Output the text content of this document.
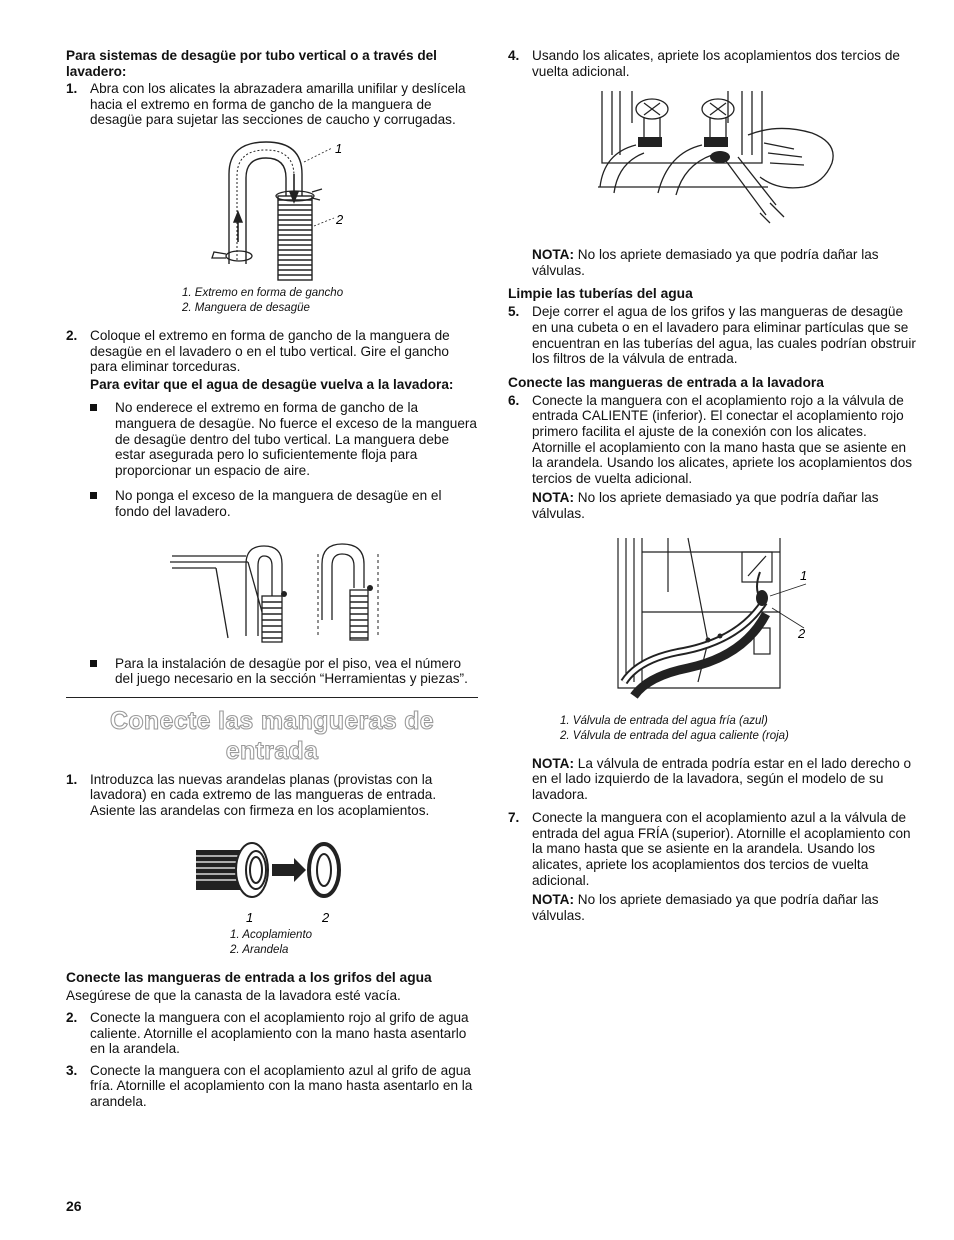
Para sistemas de desagüe por tubo vertical o a través del lavadero:
1. Abra con los alicates la abrazadera amarilla unifilar y deslícela hacia el extremo en forma de gancho de la manguera de desagüe para sujetar las secciones de caucho y corrugadas.
1
2
1. Extremo en forma de gancho
2. Manguera de desagüe
2. Coloque el extremo en forma de gancho de la manguera de desagüe en el lavadero o en el tubo vertical. Gire el gancho para eliminar torceduras.
Para evitar que el agua de desagüe vuelva a la lavadora:
No enderece el extremo en forma de gancho de la manguera de desagüe. No fuerce el exceso de la manguera de desagüe dentro del tubo vertical. La manguera debe estar asegurada pero lo suficientemente floja para proporcionar un espacio de aire.
No ponga el exceso de la manguera de desagüe en el fondo del lavadero.
Para la instalación de desagüe por el piso, vea el número del juego necesario en la sección “Herramientas y piezas”.
Conecte las mangueras de entrada
1. Introduzca las nuevas arandelas planas (provistas con la lavadora) en cada extremo de las mangueras de entrada. Asiente las arandelas con firmeza en los acoplamientos.
1	2
1. Acoplamiento
2. Arandela
Conecte las mangueras de entrada a los grifos del agua
Asegúrese de que la canasta de la lavadora esté vacía.
2. Conecte la manguera con el acoplamiento rojo al grifo de agua caliente. Atornille el acoplamiento con la mano hasta asentarlo en la arandela.
3. Conecte la manguera con el acoplamiento azul al grifo de agua fría. Atornille el acoplamiento con la mano hasta asentarlo en la arandela.
4. Usando los alicates, apriete los acoplamientos dos tercios de vuelta adicional.
NOTA: No los apriete demasiado ya que podría dañar las válvulas.
Limpie las tuberías del agua
5. Deje correr el agua de los grifos y las mangueras de desagüe en una cubeta o en el lavadero para eliminar partículas que se encuentran en las tuberías del agua, las cuales podrían obstruir los filtros de la válvula de entrada.
Conecte las mangueras de entrada a la lavadora
6. Conecte la manguera con el acoplamiento rojo a la válvula de entrada CALIENTE (inferior). El conectar el acoplamiento rojo primero facilita el ajuste de la conexión con los alicates. Atornille el acoplamiento con la mano hasta que se asiente en la arandela. Usando los alicates, apriete los acoplamientos dos tercios de vuelta adicional.
NOTA: No los apriete demasiado ya que podría dañar las válvulas.
1
2
1. Válvula de entrada del agua fría (azul)
2. Válvula de entrada del agua caliente (roja)
NOTA: La válvula de entrada podría estar en el lado derecho o en el lado izquierdo de la lavadora, según el modelo de su lavadora.
7. Conecte la manguera con el acoplamiento azul a la válvula de entrada del agua FRÍA (superior). Atornille el acoplamiento con la mano hasta que se asiente en la arandela. Usando los alicates, apriete los acoplamientos dos tercios de vuelta adicional.
NOTA: No los apriete demasiado ya que podría dañar las válvulas.
26
